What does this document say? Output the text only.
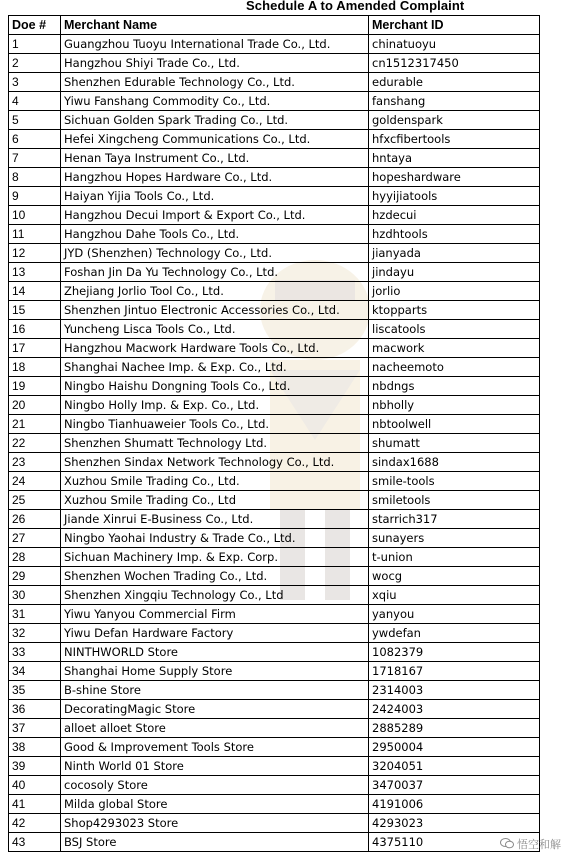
Schedule A to Amended Complaint
Doe #	Merchant Name	Merchant ID
1	Guangzhou Tuoyu International Trade Co., Ltd.	chinatuoyu
2	Hangzhou Shiyi Trade Co., Ltd.	cn1512317450
3	Shenzhen Edurable Technology Co., Ltd.	edurable
4	Yiwu Fanshang Commodity Co., Ltd.	fanshang
5	Sichuan Golden Spark Trading Co., Ltd.	goldenspark
6	Hefei Xingcheng Communications Co., Ltd.	hfxcfibertools
7	Henan Taya Instrument Co., Ltd.	hntaya
8	Hangzhou Hopes Hardware Co., Ltd.	hopeshardware
9	Haiyan Yijia Tools Co., Ltd.	hyyijiatools
10	Hangzhou Decui Import & Export Co., Ltd.	hzdecui
11	Hangzhou Dahe Tools Co., Ltd.	hzdhtools
12	JYD (Shenzhen) Technology Co., Ltd.	jianyada
13	Foshan Jin Da Yu Technology Co., Ltd.	jindayu
14	Zhejiang Jorlio Tool Co., Ltd.	jorlio
15	Shenzhen Jintuo Electronic Accessories Co., Ltd.	ktopparts
16	Yuncheng Lisca Tools Co., Ltd.	liscatools
17	Hangzhou Macwork Hardware Tools Co., Ltd.	macwork
18	Shanghai Nachee Imp. & Exp. Co., Ltd.	nacheemoto
19	Ningbo Haishu Dongning Tools Co., Ltd.	nbdngs
20	Ningbo Holly Imp. & Exp. Co., Ltd.	nbholly
21	Ningbo Tianhuaweier Tools Co., Ltd.	nbtoolwell
22	Shenzhen Shumatt Technology Ltd.	shumatt
23	Shenzhen Sindax Network Technology Co., Ltd.	sindax1688
24	Xuzhou Smile Trading Co., Ltd.	smile-tools
25	Xuzhou Smile Trading Co., Ltd	smiletools
26	Jiande Xinrui E-Business Co., Ltd.	starrich317
27	Ningbo Yaohai Industry & Trade Co., Ltd.	sunayers
28	Sichuan Machinery Imp. & Exp. Corp.	t-union
29	Shenzhen Wochen Trading Co., Ltd.	wocg
30	Shenzhen Xingqiu Technology Co., Ltd	xqiu
31	Yiwu Yanyou Commercial Firm	yanyou
32	Yiwu Defan Hardware Factory	ywdefan
33	NINTHWORLD Store	1082379
34	Shanghai Home Supply Store	1718167
35	B-shine Store	2314003
36	DecoratingMagic Store	2424003
37	alloet alloet Store	2885289
38	Good & Improvement Tools Store	2950004
39	Ninth World 01 Store	3204051
40	cocosoly Store	3470037
41	Milda global Store	4191006
42	Shop4293023 Store	4293023
43	BSJ Store	4375110	悟空和解
